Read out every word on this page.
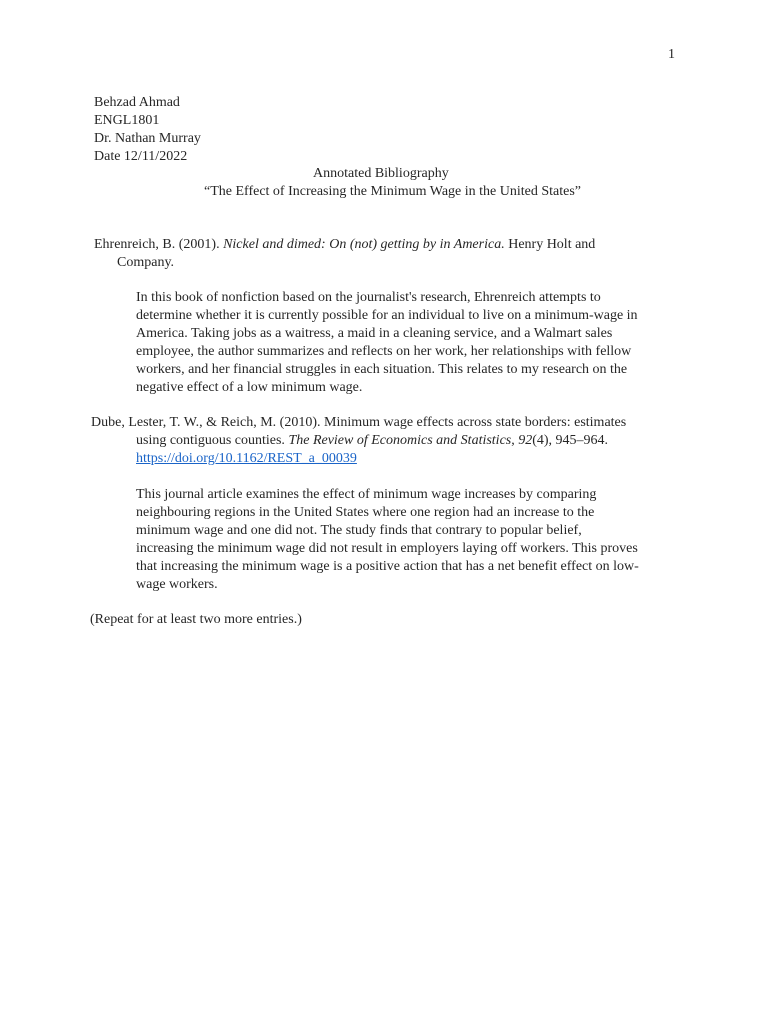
1
Behzad Ahmad
ENGL1801
Dr. Nathan Murray
Date 12/11/2022
Annotated Bibliography
“The Effect of Increasing the Minimum Wage in the United States”
Ehrenreich, B. (2001). Nickel and dimed: On (not) getting by in America. Henry Holt and
Company.
In this book of nonfiction based on the journalist's research, Ehrenreich attempts to
determine whether it is currently possible for an individual to live on a minimum-wage in
America. Taking jobs as a waitress, a maid in a cleaning service, and a Walmart sales
employee, the author summarizes and reflects on her work, her relationships with fellow
workers, and her financial struggles in each situation. This relates to my research on the
negative effect of a low minimum wage.
Dube, Lester, T. W., & Reich, M. (2010). Minimum wage effects across state borders: estimates
using contiguous counties. The Review of Economics and Statistics, 92(4), 945–964.
https://doi.org/10.1162/REST_a_00039
This journal article examines the effect of minimum wage increases by comparing
neighbouring regions in the United States where one region had an increase to the
minimum wage and one did not. The study finds that contrary to popular belief,
increasing the minimum wage did not result in employers laying off workers. This proves
that increasing the minimum wage is a positive action that has a net benefit effect on low-
wage workers.
(Repeat for at least two more entries.)
